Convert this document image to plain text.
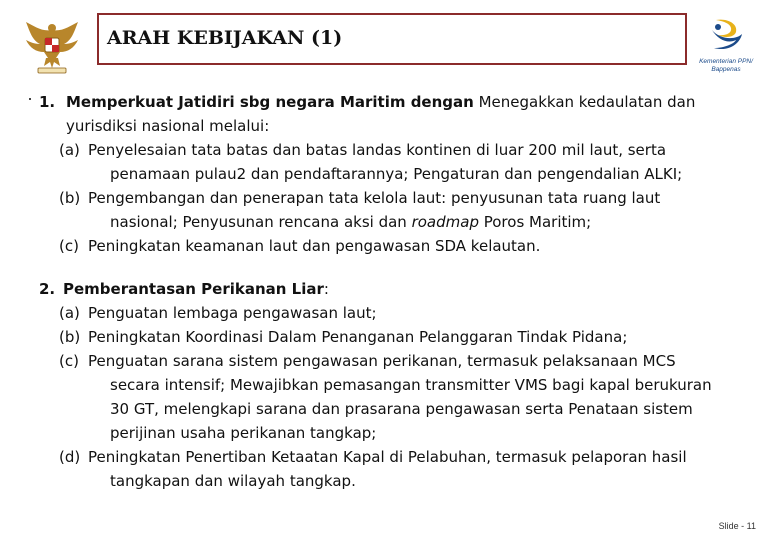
ARAH KEBIJAKAN (1)
Kementerian PPN/ Bappenas
1. Memperkuat Jatidiri sbg negara Maritim dengan Menegakkan kedaulatan dan
yurisdiksi nasional melalui:
(a) Penyelesaian tata batas dan batas landas kontinen di luar 200 mil laut, serta
penamaan pulau2 dan pendaftarannya; Pengaturan dan pengendalian ALKI;
(b) Pengembangan dan penerapan tata kelola laut: penyusunan tata ruang laut
nasional; Penyusunan rencana aksi dan roadmap Poros Maritim;
(c) Peningkatan keamanan laut dan pengawasan SDA kelautan.
2. Pemberantasan Perikanan Liar:
(a) Penguatan lembaga pengawasan laut;
(b) Peningkatan Koordinasi Dalam Penanganan Pelanggaran Tindak Pidana;
(c) Penguatan sarana sistem pengawasan perikanan, termasuk pelaksanaan MCS
secara intensif; Mewajibkan pemasangan transmitter VMS bagi kapal berukuran
30 GT, melengkapi sarana dan prasarana pengawasan serta Penataan sistem
perijinan usaha perikanan tangkap;
(d) Peningkatan Penertiban Ketaatan Kapal di Pelabuhan, termasuk pelaporan hasil
tangkapan dan wilayah tangkap.
Slide - 11
